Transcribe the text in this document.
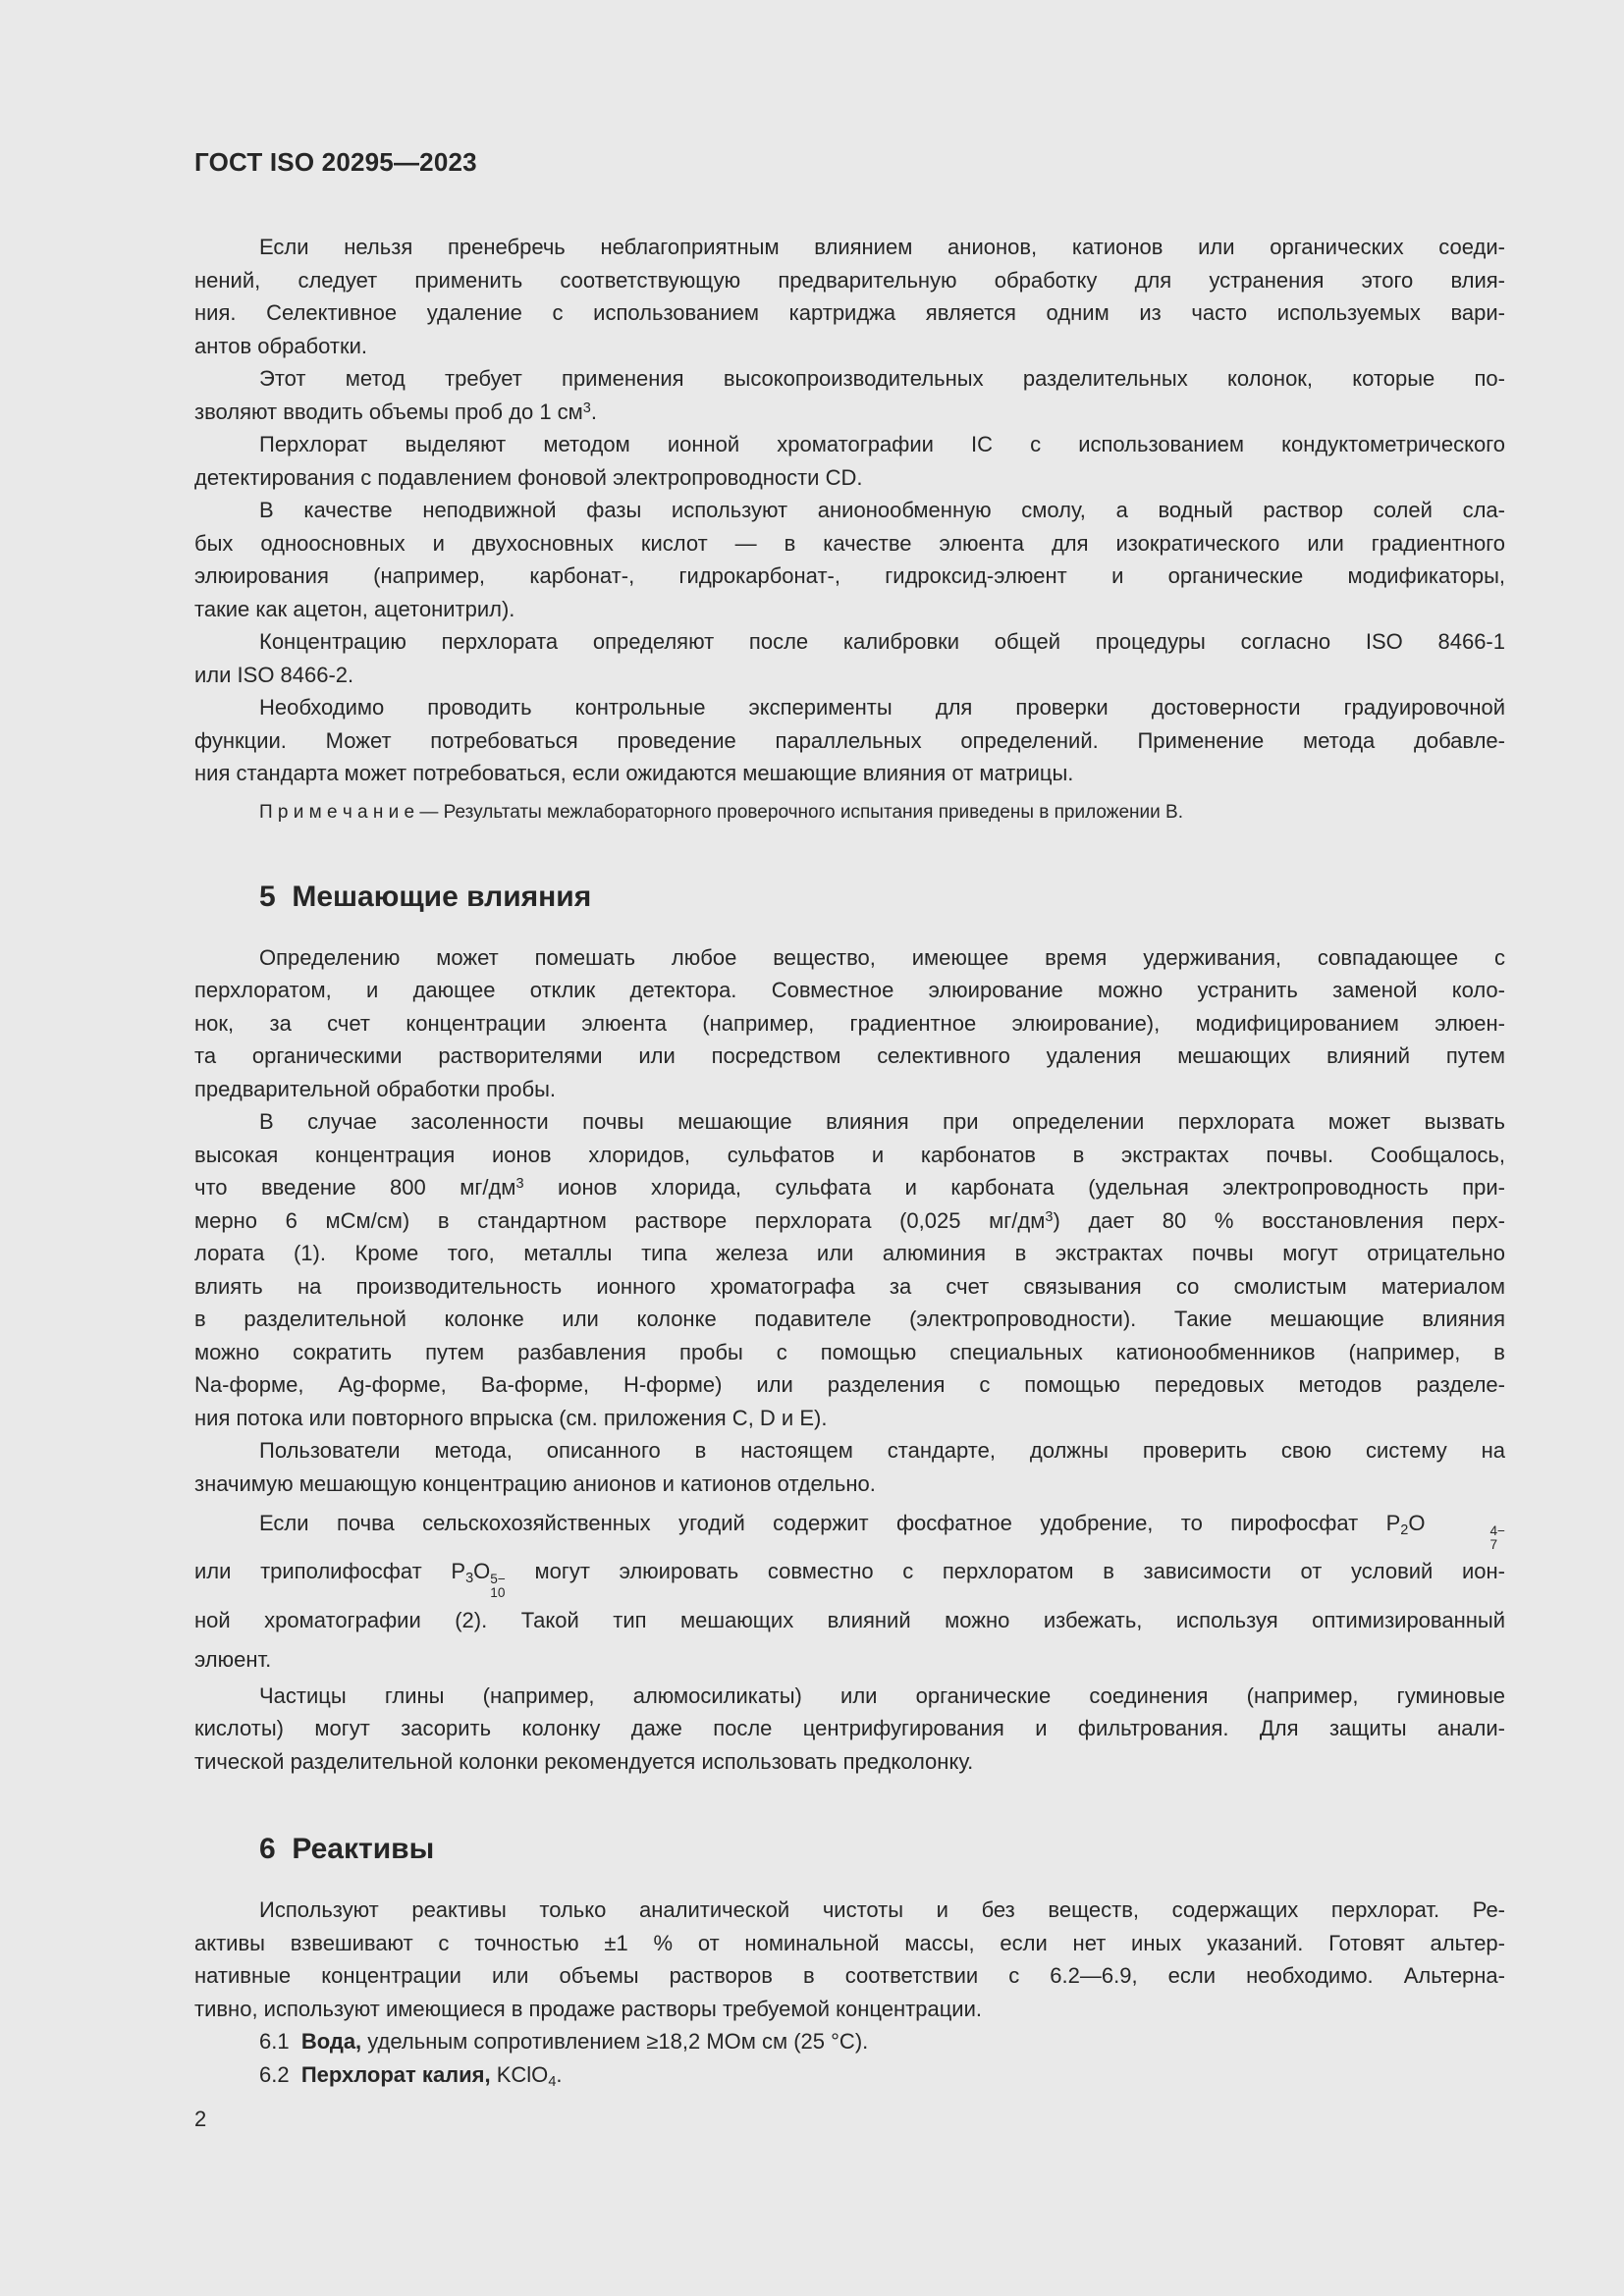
ГОСТ ISO 20295—2023
Если нельзя пренебречь неблагоприятным влиянием анионов, катионов или органических соеди-
нений, следует применить соответствующую предварительную обработку для устранения этого влия-
ния. Селективное удаление с использованием картриджа является одним из часто используемых вари-
антов обработки.
Этот метод требует применения высокопроизводительных разделительных колонок, которые по-
зволяют вводить объемы проб до 1 $см^3$.
Перхлорат выделяют методом ионной хроматографии IC с использованием кондуктометрического
детектирования с подавлением фоновой электропроводности CD.
В качестве неподвижной фазы используют анионообменную смолу, а водный раствор солей сла-
бых одноосновных и двухосновных кислот — в качестве элюента для изократического или градиентного
элюирования (например, карбонат-, гидрокарбонат-, гидроксид-элюент и органические модификаторы,
такие как ацетон, ацетонитрил).
Концентрацию перхлората определяют после калибровки общей процедуры согласно ISO 8466-1
или ISO 8466-2.
Необходимо проводить контрольные эксперименты для проверки достоверности градуировочной
функции. Может потребоваться проведение параллельных определений. Применение метода добавле-
ния стандарта может потребоваться, если ожидаются мешающие влияния от матрицы.
П р и м е ч а н и е — Результаты межлабораторного проверочного испытания приведены в приложении В.
5  Мешающие влияния
Определению может помешать любое вещество, имеющее время удерживания, совпадающее с
перхлоратом, и дающее отклик детектора. Совместное элюирование можно устранить заменой коло-
нок, за счет концентрации элюента (например, градиентное элюирование), модифицированием элюен-
та органическими растворителями или посредством селективного удаления мешающих влияний путем
предварительной обработки пробы.
В случае засоленности почвы мешающие влияния при определении перхлората может вызвать
высокая концентрация ионов хлоридов, сульфатов и карбонатов в экстрактах почвы. Сообщалось,
что введение 800 $мг/дм^3$ ионов хлорида, сульфата и карбоната (удельная электропроводность при-
мерно 6 мСм/см) в стандартном растворе перхлората (0,025 $мг/дм^3$) дает 80 % восстановления перх-
лората (1). Кроме того, металлы типа железа или алюминия в экстрактах почвы могут отрицательно
влиять на производительность ионного хроматографа за счет связывания со смолистым материалом
в разделительной колонке или колонке подавителе (электропроводности). Такие мешающие влияния
можно сократить путем разбавления пробы с помощью специальных катионообменников (например, в
Na-форме, Ag-форме, Ba-форме, H-форме) или разделения с помощью передовых методов разделе-
ния потока или повторного впрыска (см. приложения C, D и E).
Пользователи метода, описанного в настоящем стандарте, должны проверить свою систему на
значимую мешающую концентрацию анионов и катионов отдельно.
Если почва сельскохозяйственных угодий содержит фосфатное удобрение, то пирофосфат $P_2O$	4−
7
или триполифосфат $P_3O$ 5−
10
могут элюировать совместно с перхлоратом в зависимости от условий ион-
ной хроматографии (2). Такой тип мешающих влияний можно избежать, используя оптимизированный
элюент.
Частицы глины (например, алюмосиликаты) или органические соединения (например, гуминовые
кислоты) могут засорить колонку даже после центрифугирования и фильтрования. Для защиты анали-
тической разделительной колонки рекомендуется использовать предколонку.
6  Реактивы
Используют реактивы только аналитической чистоты и без веществ, содержащих перхлорат. Ре-
активы взвешивают с точностью ±1 % от номинальной массы, если нет иных указаний. Готовят альтер-
нативные концентрации или объемы растворов в соответствии с 6.2—6.9, если необходимо. Альтерна-
тивно, используют имеющиеся в продаже растворы требуемой концентрации.
6.1  Вода, удельным сопротивлением ≥18,2 МОм см (25 °C).
6.2  Перхлорат калия, KClO$_4$.
2
